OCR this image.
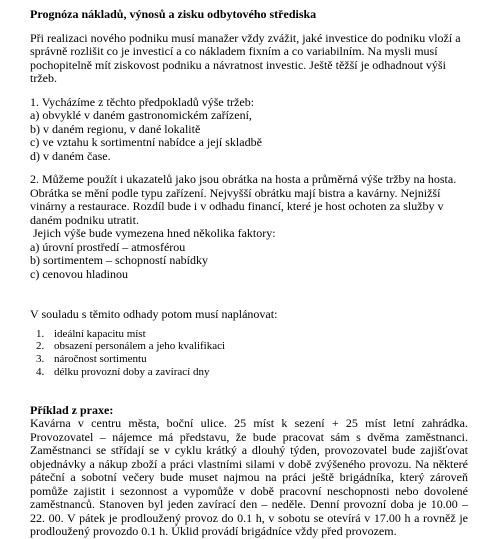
Prognóza nákladů, výnosů a zisku odbytového střediska

Při realizaci nového podniku musí manažer vždy zvážit, jaké investice do podniku vloží a správně rozlišit co je investicí a co nákladem fixním a co variabilním. Na mysli musí pochopitelně mít ziskovost podniku a návratnost investic. Ještě těžší je odhadnout výši tržeb.

1. Vycházíme z těchto předpokladů výše tržeb:

a) obvyklé v daném gastronomickém zařízení,
b) v daném regionu, v dané lokalitě
c) ve vztahu k sortimentní nabídce a její skladbě
d) v daném čase.

2. Můžeme použít i ukazatelů jako jsou obrátka na hosta a průměrná výše tržby na hosta. Obrátka se mění podle typu zařízení. Nejvyšší obrátku mají bistra a kavárny. Nejnižší vinárny a restaurace. Rozdíl bude i v odhadu financí, které je host ochoten za služby v daném podniku utratit.

Jejich výše bude vymezena hned několika faktory:

a) úrovní prostředí – atmosférou
b) sortimentem – schopností nabídky
c) cenovou hladinou

V souladu s těmito odhady potom musí naplánovat:

1. ideální kapacitu míst
2. obsazení personálem a jeho kvalifikaci
3. náročnost sortimentu
4. délku provozní doby a zavírací dny

Příklad z praxe:

Kavárna v centru města, boční ulice. 25 míst k sezení + 25 míst letní zahrádka. Provozovatel – nájemce má představu, že bude pracovat sám s dvěma zaměstnanci. Zaměstnanci se střídají se v cyklu krátký a dlouhý týden, provozovatel bude zajišťovat objednávky a nákup zboží a práci vlastními silami v době zvýšeného provozu. Na některé páteční a sobotní večery bude muset najmou na práci ještě brigádníka, který zároveň pomůže zajistit i sezonnost a vypomůže v době pracovní neschopnosti nebo dovolené zaměstnanců. Stanoven byl jeden zavírací den – neděle. Denní provozní doba je 10.00 – 22. 00. V pátek je prodloužený provoz do 0.1 h, v sobotu se otevírá v 17.00 h a rovněž je prodloužený provozdo 0.1 h. Úklid provádí brigádníce vždy před provozem.
